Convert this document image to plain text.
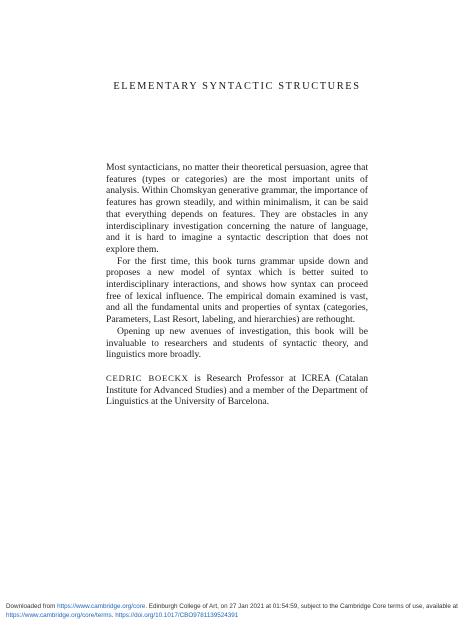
ELEMENTARY SYNTACTIC STRUCTURES

Most syntacticians, no matter their theoretical persuasion, agree that features (types or categories) are the most important units of analysis. Within Chomskyan generative grammar, the importance of features has grown steadily, and within minimalism, it can be said that everything depends on features. They are obstacles in any interdisciplinary investigation concerning the nature of language, and it is hard to imagine a syntactic description that does not explore them.

For the first time, this book turns grammar upside down and proposes a new model of syntax which is better suited to interdisciplinary interactions, and shows how syntax can proceed free of lexical influence. The empirical domain examined is vast, and all the fundamental units and properties of syntax (categories, Parameters, Last Resort, labeling, and hierarchies) are rethought.

Opening up new avenues of investigation, this book will be invaluable to researchers and students of syntactic theory, and linguistics more broadly.

CEDRIC BOECKX is Research Professor at ICREA (Catalan Institute for Advanced Studies) and a member of the Department of Linguistics at the University of Barcelona.

Downloaded from https://www.cambridge.org/core. Edinburgh College of Art, on 27 Jan 2021 at 01:54:59, subject to the Cambridge Core terms of use, available at https://www.cambridge.org/core/terms. https://doi.org/10.1017/CBO9781139524391
